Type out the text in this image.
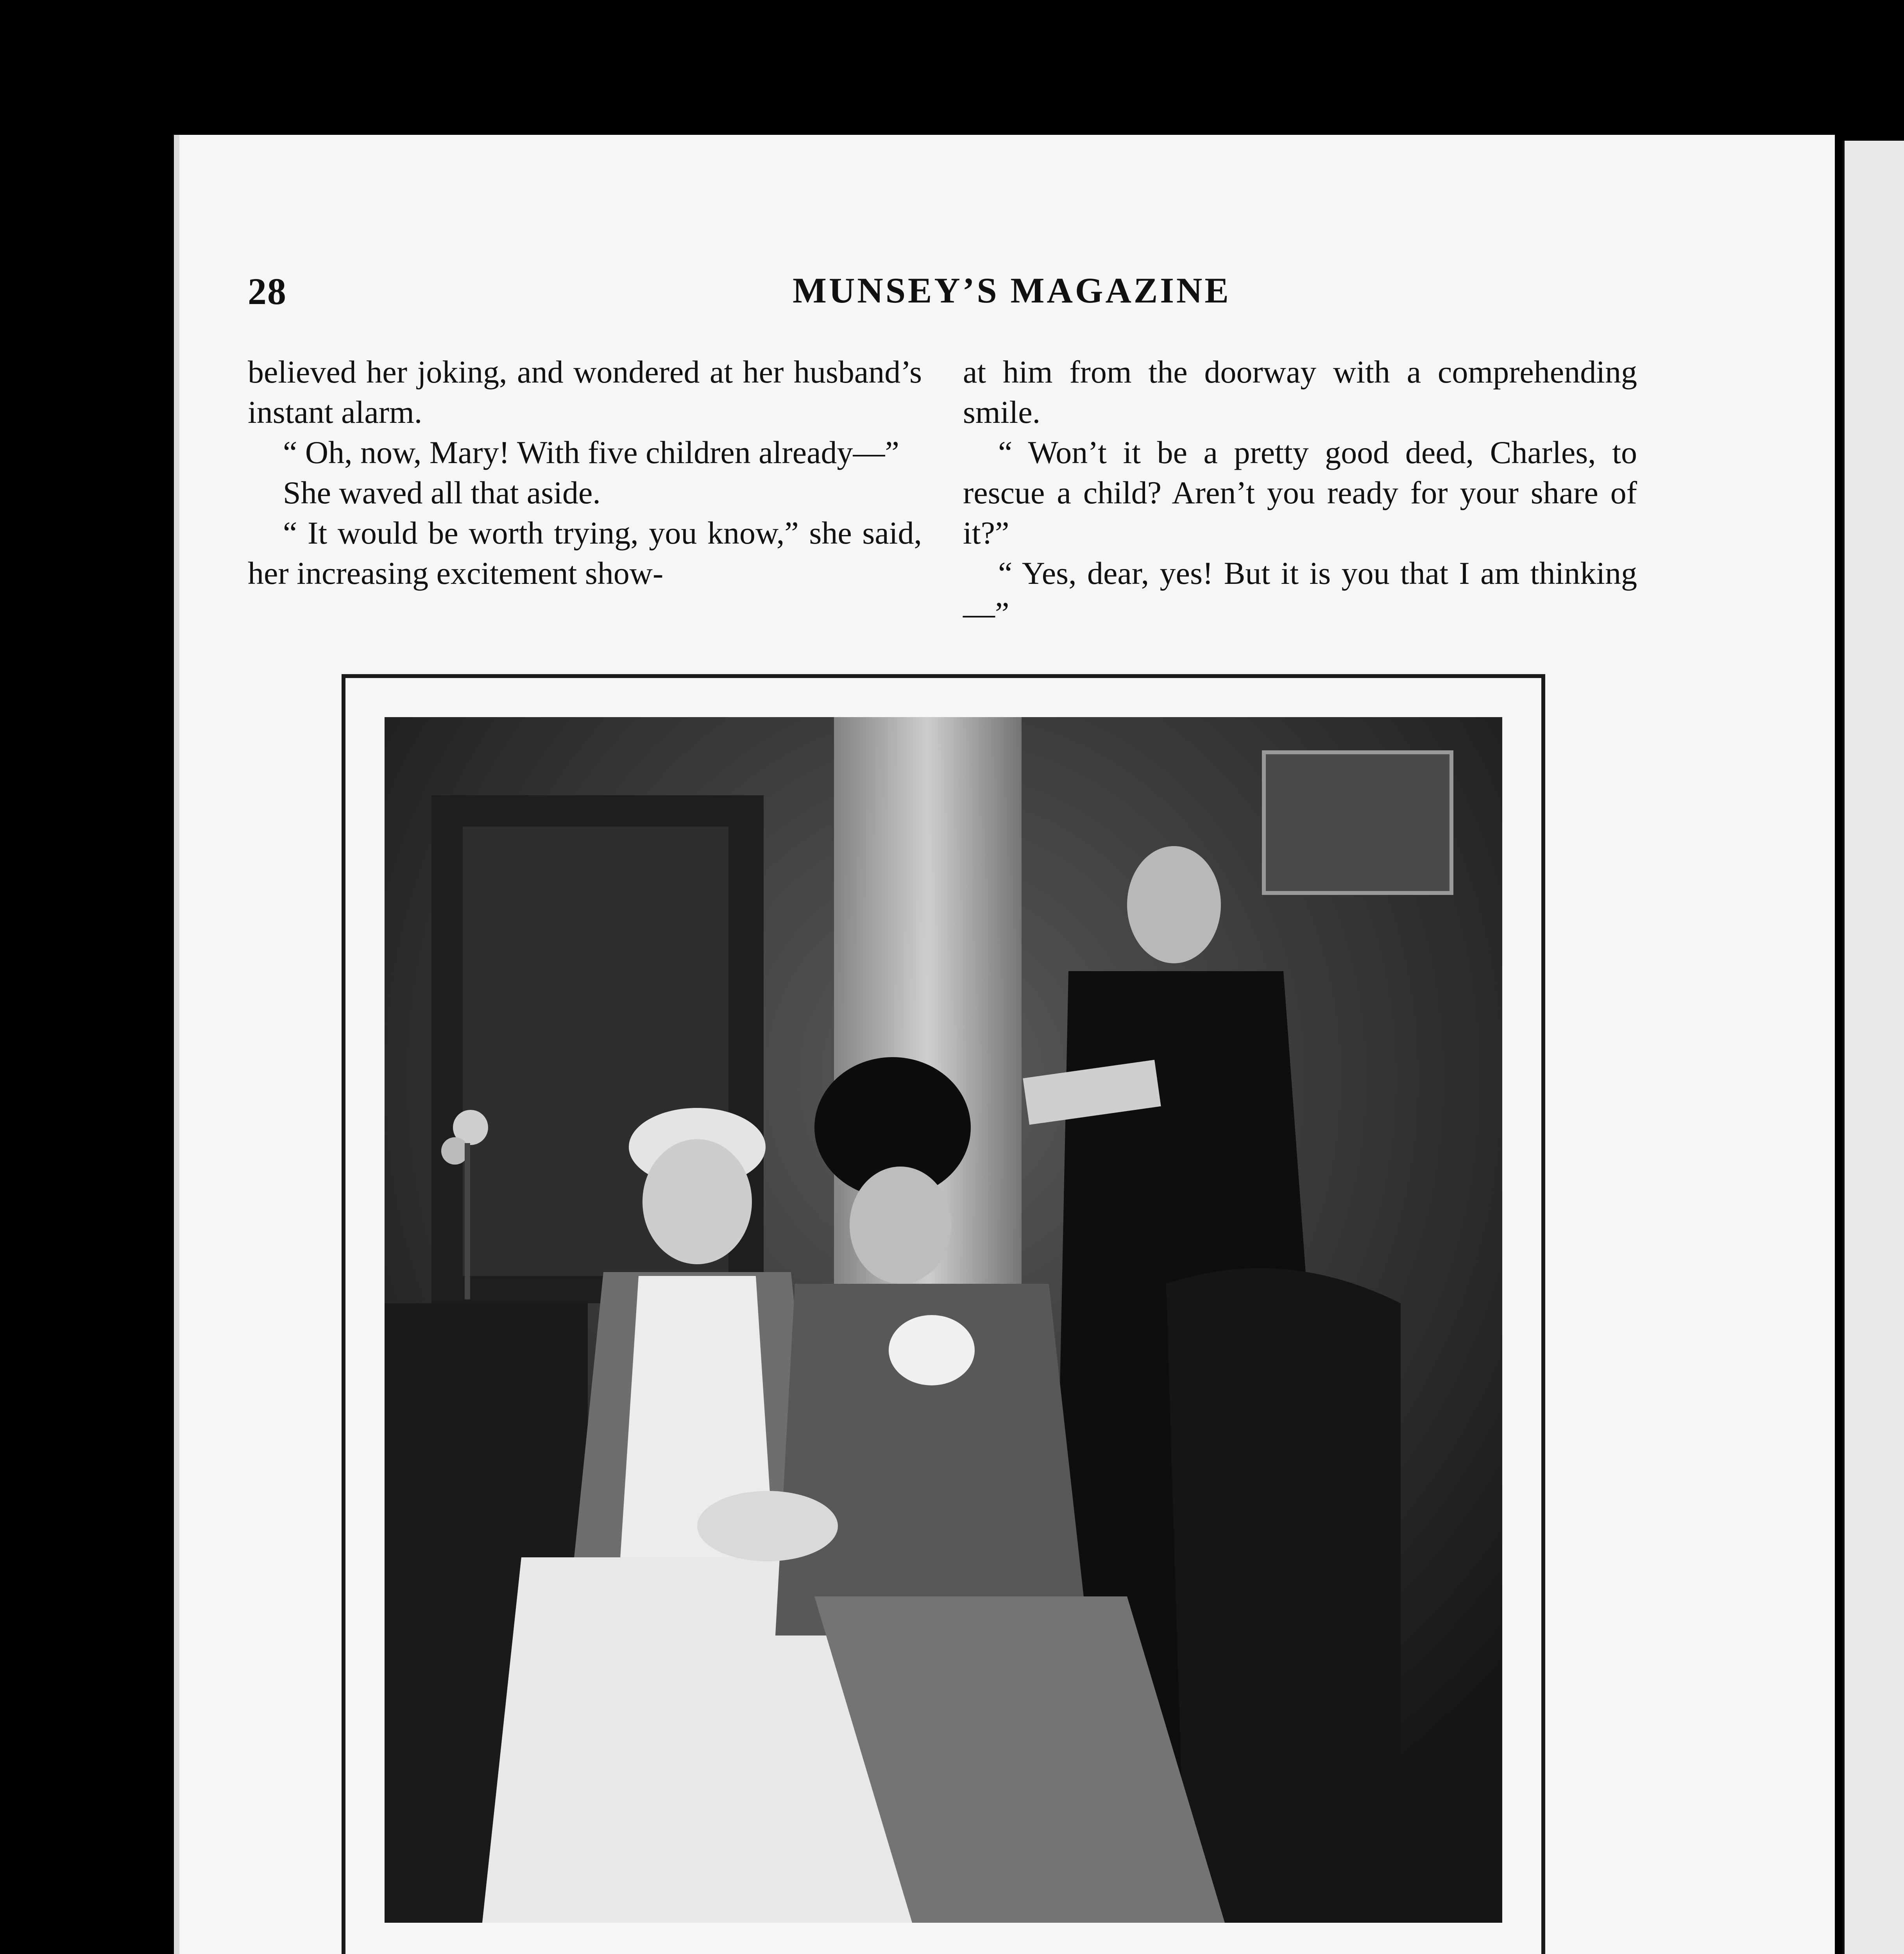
28	MUNSEY’S MAGAZINE

believed her joking, and wondered at her husband’s instant alarm.

“ Oh, now, Mary! With five children already—”

She waved all that aside.

“ It would be worth trying, you know,” she said, her increasing excitement show-

at him from the doorway with a comprehending smile.

“ Won’t it be a pretty good deed, Charles, to rescue a child? Aren’t you ready for your share of it?”

“ Yes, dear, yes! But it is you that I am thinking—”
